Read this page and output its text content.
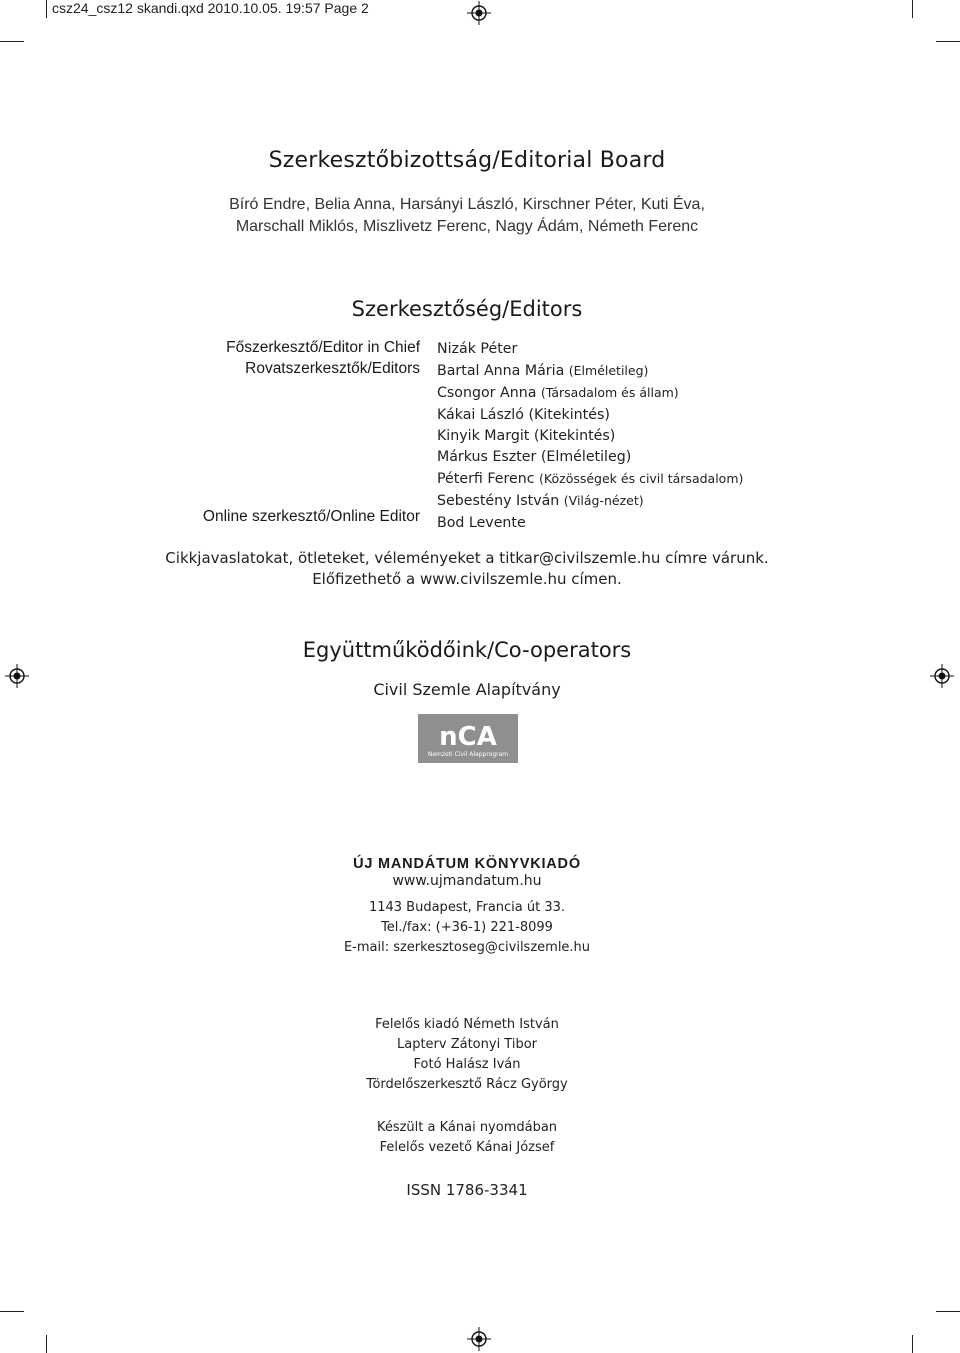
csz24_csz12 skandi.qxd 2010.10.05. 19:57 Page 2
Szerkesztőbizottság/Editorial Board
Bíró Endre, Belia Anna, Harsányi László, Kirschner Péter, Kuti Éva,
Marschall Miklós, Miszlivetz Ferenc, Nagy Ádám, Németh Ferenc
Szerkesztőség/Editors
Főszerkesztő/Editor in Chief
Rovatszerkesztők/Editors
Online szerkesztő/Online Editor
Nizák Péter
Bartal Anna Mária (Elméletileg)
Csongor Anna (Társadalom és állam)
Kákai László (Kitekintés)
Kinyik Margit (Kitekintés)
Márkus Eszter (Elméletileg)
Péterfi Ferenc (Közösségek és civil társadalom)
Sebestény István (Világ-nézet)
Bod Levente
Cikkjavaslatokat, ötleteket, véleményeket a titkar@civilszemle.hu címre várunk.
Előfizethető a www.civilszemle.hu címen.
Együttműködőink/Co-operators
Civil Szemle Alapítvány
nCA
Nemzeti Civil Alapprogram
ÚJ MANDÁTUM KÖNYVKIADÓ
www.ujmandatum.hu
1143 Budapest, Francia út 33.
Tel./fax: (+36-1) 221-8099
E-mail: szerkesztoseg@civilszemle.hu
Felelős kiadó Németh István
Lapterv Zátonyi Tibor
Fotó Halász Iván
Tördelőszerkesztő Rácz György
Készült a Kánai nyomdában
Felelős vezető Kánai József
ISSN 1786-3341
